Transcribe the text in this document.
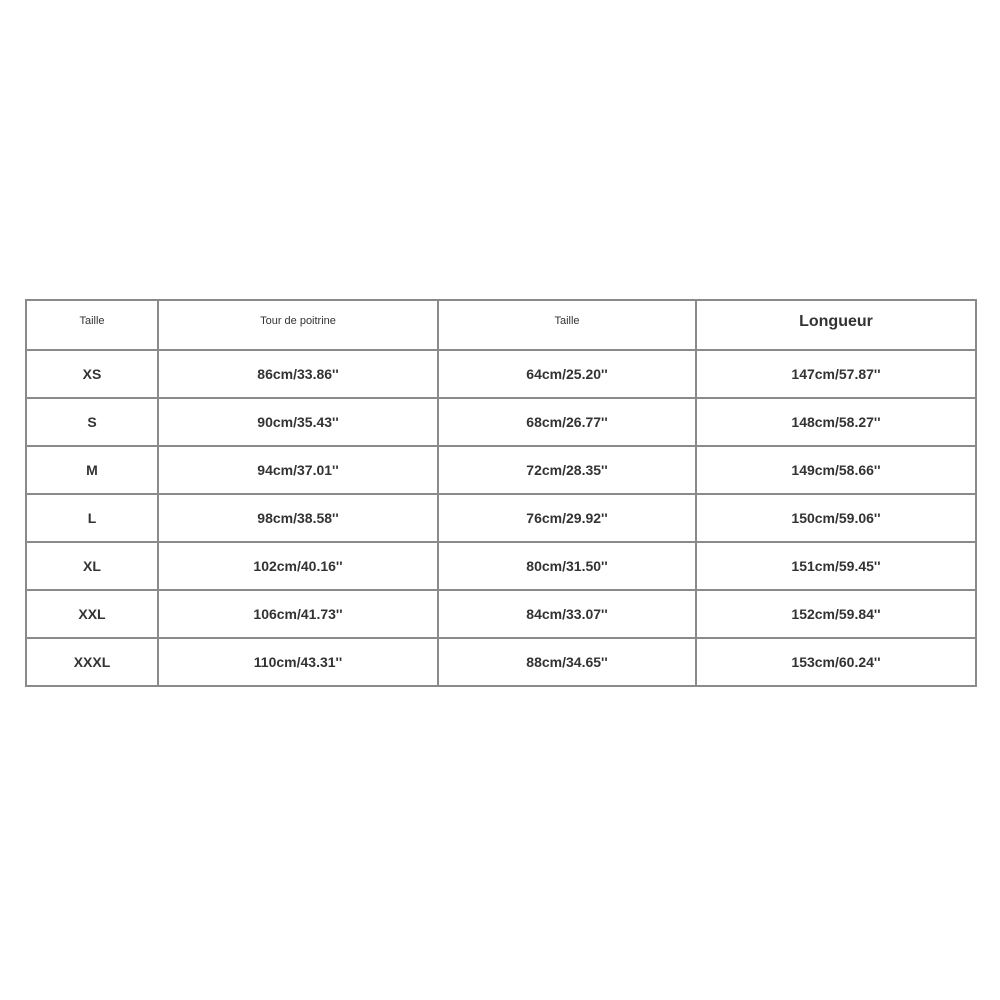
Taille	Tour de poitrine	Taille	Longueur
XS	86cm/33.86''	64cm/25.20''	147cm/57.87''
S	90cm/35.43''	68cm/26.77''	148cm/58.27''
M	94cm/37.01''	72cm/28.35''	149cm/58.66''
L	98cm/38.58''	76cm/29.92''	150cm/59.06''
XL	102cm/40.16''	80cm/31.50''	151cm/59.45''
XXL	106cm/41.73''	84cm/33.07''	152cm/59.84''
XXXL	110cm/43.31''	88cm/34.65''	153cm/60.24''
